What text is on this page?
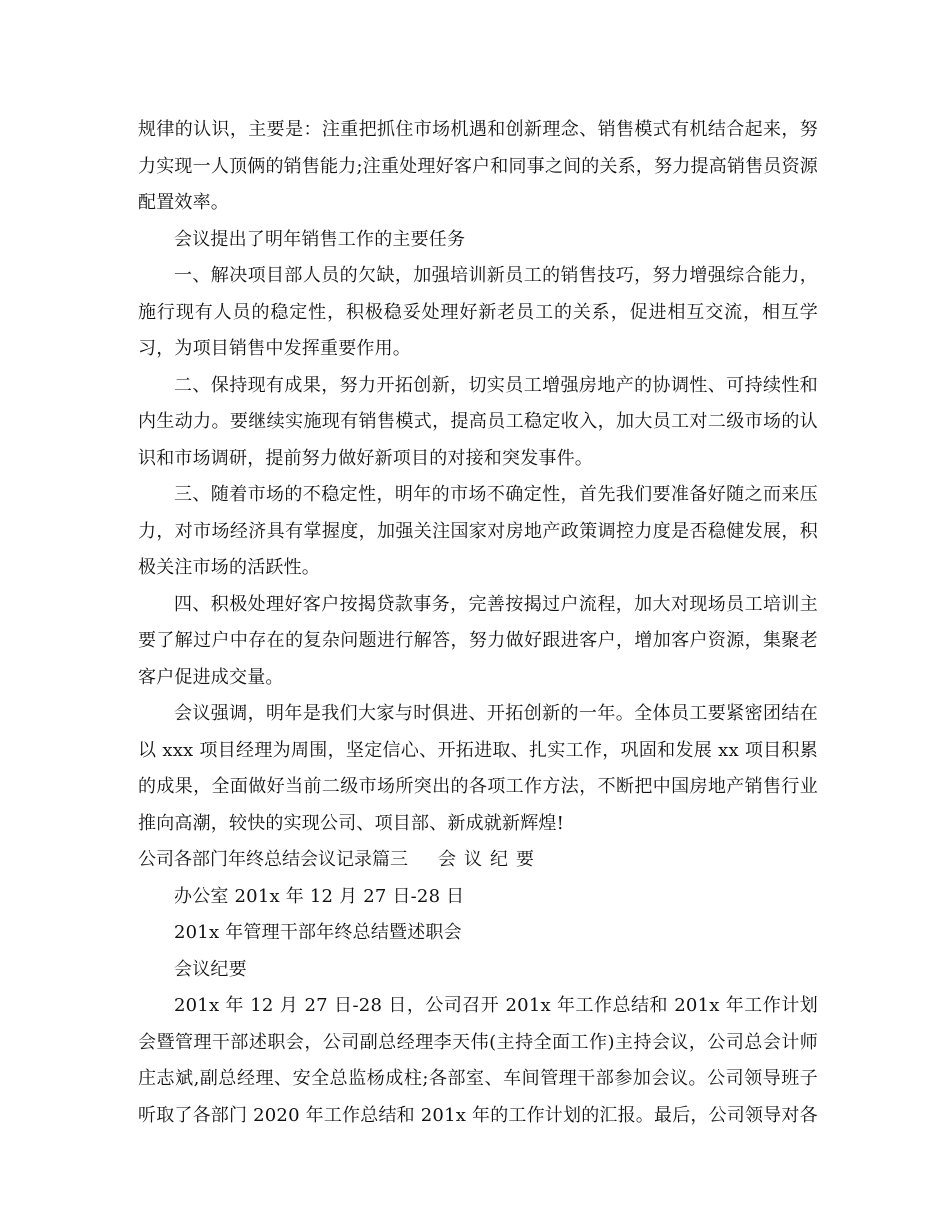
规律的认识，主要是：注重把抓住市场机遇和创新理念、销售模式有机结合起来，努力实现一人顶俩的销售能力;注重处理好客户和同事之间的关系，努力提高销售员资源配置效率。

会议提出了明年销售工作的主要任务

一、解决项目部人员的欠缺，加强培训新员工的销售技巧，努力增强综合能力，施行现有人员的稳定性，积极稳妥处理好新老员工的关系，促进相互交流，相互学习，为项目销售中发挥重要作用。

二、保持现有成果，努力开拓创新，切实员工增强房地产的协调性、可持续性和内生动力。要继续实施现有销售模式，提高员工稳定收入，加大员工对二级市场的认识和市场调研，提前努力做好新项目的对接和突发事件。

三、随着市场的不稳定性，明年的市场不确定性，首先我们要准备好随之而来压力，对市场经济具有掌握度，加强关注国家对房地产政策调控力度是否稳健发展，积极关注市场的活跃性。

四、积极处理好客户按揭贷款事务，完善按揭过户流程，加大对现场员工培训主要了解过户中存在的复杂问题进行解答，努力做好跟进客户，增加客户资源，集聚老客户促进成交量。

会议强调，明年是我们大家与时俱进、开拓创新的一年。全体员工要紧密团结在以 xxx 项目经理为周围，坚定信心、开拓进取、扎实工作，巩固和发展 xx 项目积累的成果，全面做好当前二级市场所突出的各项工作方法，不断把中国房地产销售行业推向高潮，较快的实现公司、项目部、新成就新辉煌!

公司各部门年终总结会议记录篇三 会议纪要

办公室 201x 年 12 月 27 日-28 日

201x 年管理干部年终总结暨述职会

会议纪要

201x 年 12 月 27 日-28 日，公司召开 201x 年工作总结和 201x 年工作计划会暨管理干部述职会，公司副总经理李天伟(主持全面工作)主持会议，公司总会计师庄志斌,副总经理、安全总监杨成柱;各部室、车间管理干部参加会议。公司领导班子听取了各部门 2020 年工作总结和 201x 年的工作计划的汇报。最后，公司领导对各
